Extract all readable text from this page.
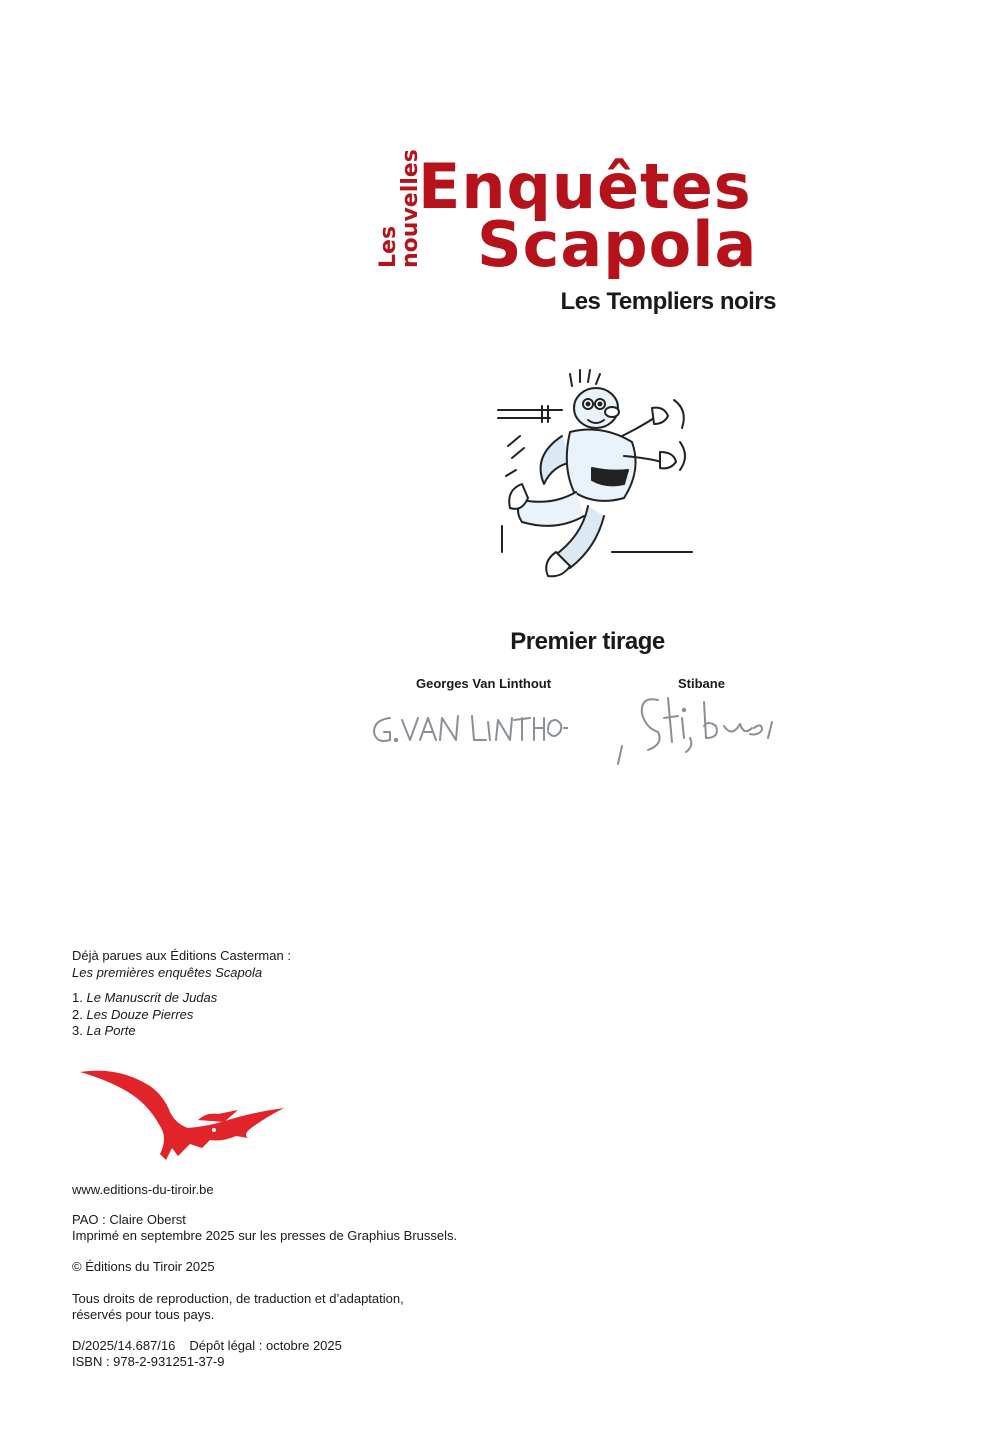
Les
nouvelles
Enquêtes
Scapola
Les Templiers noirs
Premier tirage
Georges Van Linthout	Stibane
Déjà parues aux Éditions Casterman :
Les premières enquêtes Scapola
1. Le Manuscrit de Judas
2. Les Douze Pierres
3. La Porte
www.editions-du-tiroir.be
PAO : Claire Oberst
Imprimé en septembre 2025 sur les presses de Graphius Brussels.
© Éditions du Tiroir 2025
Tous droits de reproduction, de traduction et d’adaptation,
réservés pour tous pays.
D/2025/14.687/16 Dépôt légal : octobre 2025
ISBN : 978-2-931251-37-9
